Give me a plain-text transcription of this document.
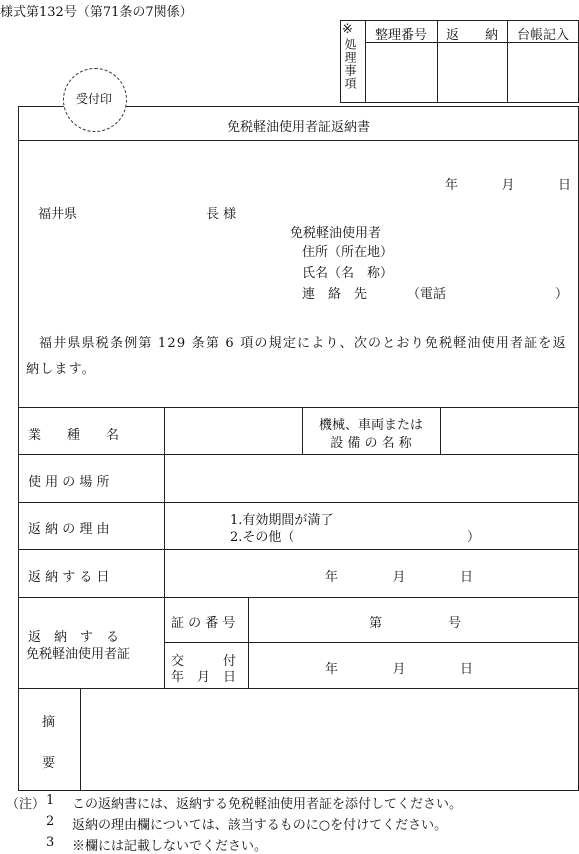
様式第132号（第71条の7関係）
※
処理事項
整理番号	返　　納	台帳記入
受付印
免税軽油使用者証返納書
年	月	日
福井県	長 様
免税軽油使用者
住所（所在地）
氏名（名　称）
連　絡　先	（電話	）
福井県県税条例第 129 条第 6 項の規定により、次のとおり免税軽油使用者証を返納します。
業　　種　　名
機械、車両または
設 備 の 名 称
使 用 の 場 所
返 納 の 理 由
1.有効期間が満了
2.その他（	）
返 納 す る 日	年	月	日
返　納　す　る
免税軽油使用者証
証 の 番 号	第	号
交　　　付
年　月　日
年	月	日
摘
要
（注） 1 この返納書には、返納する免税軽油使用者証を添付してください。
2 返納の理由欄については、該当するものに○を付けてください。
3 ※欄には記載しないでください。
